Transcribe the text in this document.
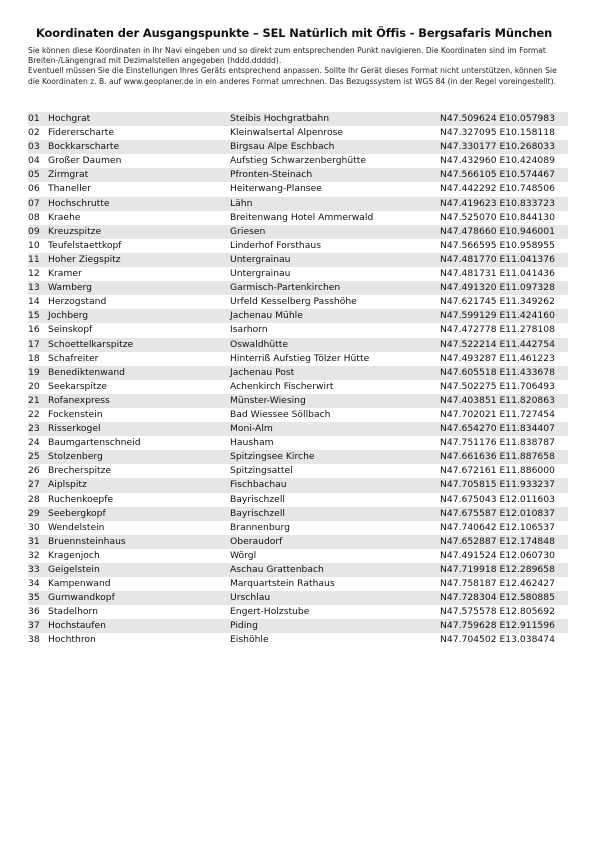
Koordinaten der Ausgangspunkte – SEL Natürlich mit Öffis - Bergsafaris München

Sie können diese Koordinaten in Ihr Navi eingeben und so direkt zum entsprechenden Punkt navigieren. Die Koordinaten sind im Format Breiten-/Längengrad mit Dezimalstellen angegeben (hddd.ddddd).

Eventuell müssen Sie die Einstellungen Ihres Geräts entsprechend anpassen. Sollte Ihr Gerät dieses Format nicht unterstützen, können Sie die Koordinaten z. B. auf www.geoplaner.de in ein anderes Format umrechnen. Das Bezugssystem ist WGS 84 (in der Regel voreingestellt).

01 Hochgrat	Steibis Hochgratbahn	N47.509624 E10.057983
02 Fidererscharte	Kleinwalsertal Alpenrose	N47.327095 E10.158118
03 Bockkarscharte	Birgsau Alpe Eschbach	N47.330177 E10.268033
04 Großer Daumen	Aufstieg Schwarzenberghütte	N47.432960 E10.424089
05 Zirmgrat	Pfronten-Steinach	N47.566105 E10.574467
06 Thaneller	Heiterwang-Plansee	N47.442292 E10.748506
07 Hochschrutte	Lähn	N47.419623 E10.833723
08 Kraehe	Breitenwang Hotel Ammerwald	N47.525070 E10.844130
09 Kreuzspitze	Griesen	N47.478660 E10.946001
10 Teufelstaettkopf	Linderhof Forsthaus	N47.566595 E10.958955
11 Hoher Ziegspitz	Untergrainau	N47.481770 E11.041376
12 Kramer	Untergrainau	N47.481731 E11.041436
13 Wamberg	Garmisch-Partenkirchen	N47.491320 E11.097328
14 Herzogstand	Urfeld Kesselberg Passhöhe	N47.621745 E11.349262
15 Jochberg	Jachenau Mühle	N47.599129 E11.424160
16 Seinskopf	Isarhorn	N47.472778 E11.278108
17 Schoettelkarspitze	Oswaldhütte	N47.522214 E11.442754
18 Schafreiter	Hinterriß Aufstieg Tölzer Hütte	N47.493287 E11.461223
19 Benediktenwand	Jachenau Post	N47.605518 E11.433678
20 Seekarspitze	Achenkirch Fischerwirt	N47.502275 E11.706493
21 Rofanexpress	Münster-Wiesing	N47.403851 E11.820863
22 Fockenstein	Bad Wiessee Söllbach	N47.702021 E11.727454
23 Risserkogel	Moni-Alm	N47.654270 E11.834407
24 Baumgartenschneid	Hausham	N47.751176 E11.838787
25 Stolzenberg	Spitzingsee Kirche	N47.661636 E11.887658
26 Brecherspitze	Spitzingsattel	N47.672161 E11.886000
27 Aiplspitz	Fischbachau	N47.705815 E11.933237
28 Ruchenkoepfe	Bayrischzell	N47.675043 E12.011603
29 Seebergkopf	Bayrischzell	N47.675587 E12.010837
30 Wendelstein	Brannenburg	N47.740642 E12.106537
31 Bruennsteinhaus	Oberaudorf	N47.652887 E12.174848
32 Kragenjoch	Wörgl	N47.491524 E12.060730
33 Geigelstein	Aschau Grattenbach	N47.719918 E12.289658
34 Kampenwand	Marquartstein Rathaus	N47.758187 E12.462427
35 Gurnwandkopf	Urschlau	N47.728304 E12.580885
36 Stadelhorn	Engert-Holzstube	N47.575578 E12.805692
37 Hochstaufen	Piding	N47.759628 E12.911596
38 Hochthron	Eishöhle	N47.704502 E13.038474
